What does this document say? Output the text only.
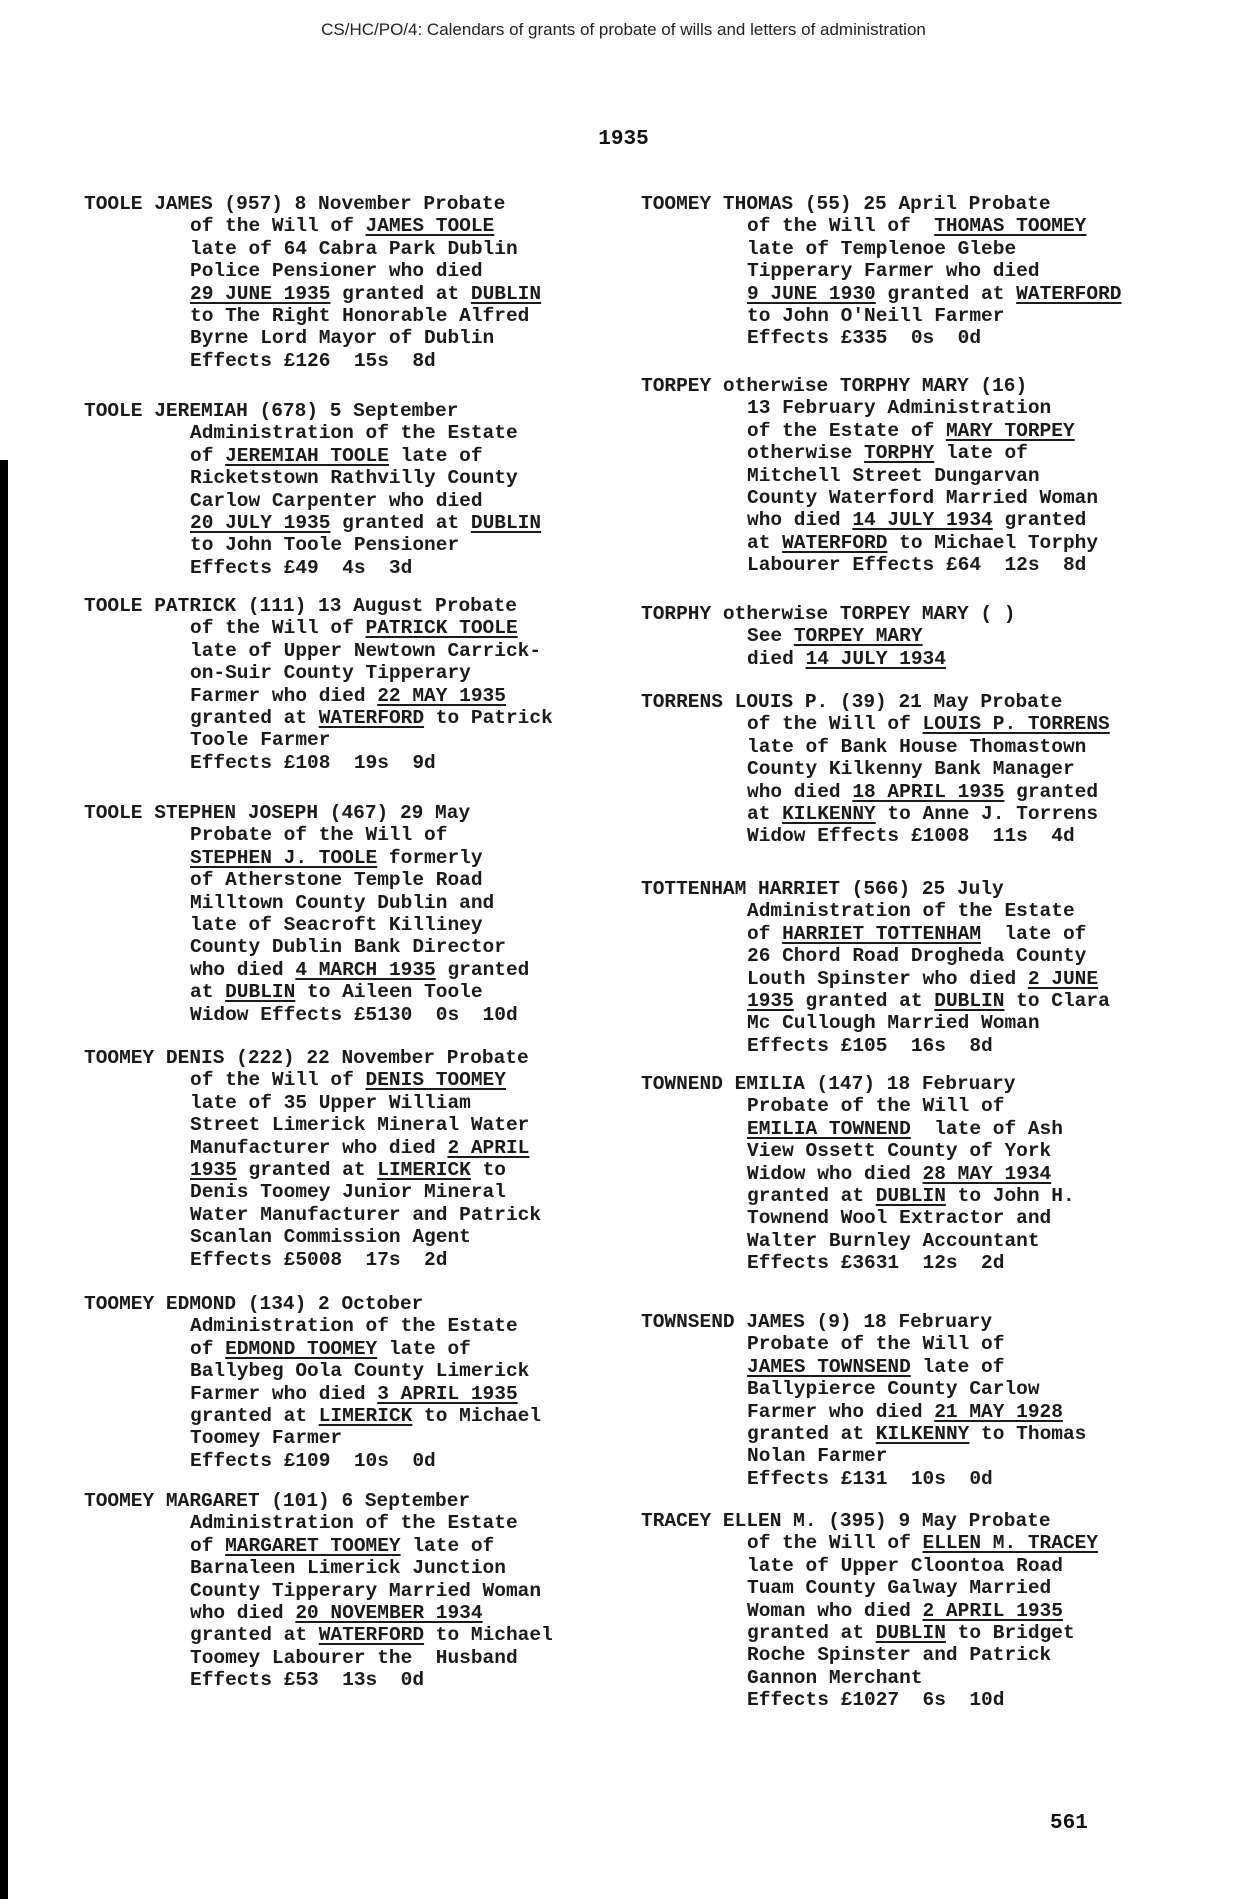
CS/HC/PO/4: Calendars of grants of probate of wills and letters of administration
1935
TOOLE JAMES (957) 8 November Probate
of the Will of JAMES TOOLE
late of 64 Cabra Park Dublin
Police Pensioner who died
29 JUNE 1935 granted at DUBLIN
to The Right Honorable Alfred
Byrne Lord Mayor of Dublin
Effects £126  15s  8d
TOOLE JEREMIAH (678) 5 September
Administration of the Estate
of JEREMIAH TOOLE late of
Ricketstown Rathvilly County
Carlow Carpenter who died
20 JULY 1935 granted at DUBLIN
to John Toole Pensioner
Effects £49  4s  3d
TOOLE PATRICK (111) 13 August Probate
of the Will of PATRICK TOOLE
late of Upper Newtown Carrick-
on-Suir County Tipperary
Farmer who died 22 MAY 1935
granted at WATERFORD to Patrick
Toole Farmer
Effects £108  19s  9d
TOOLE STEPHEN JOSEPH (467) 29 May
Probate of the Will of
STEPHEN J. TOOLE formerly
of Atherstone Temple Road
Milltown County Dublin and
late of Seacroft Killiney
County Dublin Bank Director
who died 4 MARCH 1935 granted
at DUBLIN to Aileen Toole
Widow Effects £5130  0s  10d
TOOMEY DENIS (222) 22 November Probate
of the Will of DENIS TOOMEY
late of 35 Upper William
Street Limerick Mineral Water
Manufacturer who died 2 APRIL
1935 granted at LIMERICK to
Denis Toomey Junior Mineral
Water Manufacturer and Patrick
Scanlan Commission Agent
Effects £5008  17s  2d
TOOMEY EDMOND (134) 2 October
Administration of the Estate
of EDMOND TOOMEY late of
Ballybeg Oola County Limerick
Farmer who died 3 APRIL 1935
granted at LIMERICK to Michael
Toomey Farmer
Effects £109  10s  0d
TOOMEY MARGARET (101) 6 September
Administration of the Estate
of MARGARET TOOMEY late of
Barnaleen Limerick Junction
County Tipperary Married Woman
who died 20 NOVEMBER 1934
granted at WATERFORD to Michael
Toomey Labourer the  Husband
Effects £53  13s  0d
TOOMEY THOMAS (55) 25 April Probate
of the Will of  THOMAS TOOMEY
late of Templenoe Glebe
Tipperary Farmer who died
9 JUNE 1930 granted at WATERFORD
to John O'Neill Farmer
Effects £335  0s  0d
TORPEY otherwise TORPHY MARY (16)
13 February Administration
of the Estate of MARY TORPEY
otherwise TORPHY late of
Mitchell Street Dungarvan
County Waterford Married Woman
who died 14 JULY 1934 granted
at WATERFORD to Michael Torphy
Labourer Effects £64  12s  8d
TORPHY otherwise TORPEY MARY ( )
See TORPEY MARY
died 14 JULY 1934
TORRENS LOUIS P. (39) 21 May Probate
of the Will of LOUIS P. TORRENS
late of Bank House Thomastown
County Kilkenny Bank Manager
who died 18 APRIL 1935 granted
at KILKENNY to Anne J. Torrens
Widow Effects £1008  11s  4d
TOTTENHAM HARRIET (566) 25 July
Administration of the Estate
of HARRIET TOTTENHAM  late of
26 Chord Road Drogheda County
Louth Spinster who died 2 JUNE
1935 granted at DUBLIN to Clara
Mc Cullough Married Woman
Effects £105  16s  8d
TOWNEND EMILIA (147) 18 February
Probate of the Will of
EMILIA TOWNEND  late of Ash
View Ossett County of York
Widow who died 28 MAY 1934
granted at DUBLIN to John H.
Townend Wool Extractor and
Walter Burnley Accountant
Effects £3631  12s  2d
TOWNSEND JAMES (9) 18 February
Probate of the Will of
JAMES TOWNSEND late of
Ballypierce County Carlow
Farmer who died 21 MAY 1928
granted at KILKENNY to Thomas
Nolan Farmer
Effects £131  10s  0d
TRACEY ELLEN M. (395) 9 May Probate
of the Will of ELLEN M. TRACEY
late of Upper Cloontoa Road
Tuam County Galway Married
Woman who died 2 APRIL 1935
granted at DUBLIN to Bridget
Roche Spinster and Patrick
Gannon Merchant
Effects £1027  6s  10d
561
